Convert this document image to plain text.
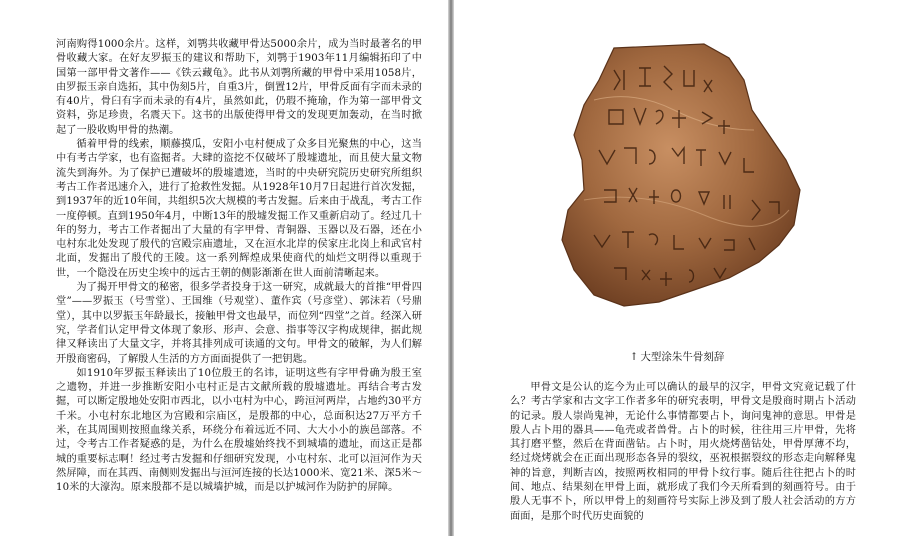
河南购得1000余片。这样，刘鹗共收藏甲骨达5000余片，成为当时最著名的甲骨收藏大家。在好友罗振玉的建议和帮助下，刘鹗于1903年11月编辑拓印了中国第一部甲骨文著作——《铁云藏龟》。此书从刘鹗所藏的甲骨中采用1058片，由罗振玉亲自选拓，其中伪刻5片，自重3片，倒置12片，甲骨反面有字而未录的有40片，骨臼有字而未录的有4片，虽然如此，仍瑕不掩瑜，作为第一部甲骨文资料，弥足珍贵，名震天下。这书的出版使得甲骨文的发现更加轰动，在当时掀起了一股收购甲骨的热潮。

循着甲骨的线索，顺藤摸瓜，安阳小屯村便成了众多目光聚焦的中心，这当中有考古学家，也有盗掘者。大肆的盗挖不仅破坏了殷墟遗址，而且使大量文物流失到海外。为了保护已遭破坏的殷墟遗迹，当时的中央研究院历史研究所组织考古工作者迅速介入，进行了抢救性发掘。从1928年10月7日起进行首次发掘，到1937年的近10年间，共组织5次大规模的考古发掘。后来由于战乱，考古工作一度停顿。直到1950年4月，中断13年的殷墟发掘工作又重新启动了。经过几十年的努力，考古工作者掘出了大量的有字甲骨、青铜器、玉器以及石器，还在小屯村东北处发现了殷代的宫殿宗庙遗址，又在洹水北岸的侯家庄北岗上和武官村北面，发掘出了殷代的王陵。这一系列辉煌成果使商代的灿烂文明得以重现于世，一个隐没在历史尘埃中的远古王朝的侧影渐渐在世人面前清晰起来。

为了揭开甲骨文的秘密，很多学者投身于这一研究，成就最大的首推“甲骨四堂”——罗振玉（号雪堂）、王国维（号观堂）、董作宾（号彦堂）、郭沫若（号鼎堂），其中以罗振玉年龄最长，接触甲骨文也最早，而位列“四堂”之首。经深入研究，学者们认定甲骨文体现了象形、形声、会意、指事等汉字构成规律，据此规律又释读出了大量文字，并将其排列成可读通的文句。甲骨文的破解，为人们解开殷商密码，了解殷人生活的方方面面提供了一把钥匙。

如1910年罗振玉释读出了10位殷王的名讳，证明这些有字甲骨确为殷王室之遗物，并进一步推断安阳小屯村正是古文献所载的殷墟遗址。再结合考古发掘，可以断定殷地处安阳市西北，以小屯村为中心，跨洹河两岸，占地约30平方千米。小屯村东北地区为宫殿和宗庙区，是殷都的中心，总面积达27万平方千米，在其周围则按照血缘关系，环绕分布着远近不同、大大小小的族邑部落。不过，令考古工作者疑惑的是，为什么在殷墟始终找不到城墙的遗址，而这正是都城的重要标志啊！经过考古发掘和仔细研究发现，小屯村东、北可以洹河作为天然屏障，而在其西、南侧则发掘出与洹河连接的长达1000米、宽21米、深5米～10米的大濠沟。原来殷都不是以城墙护城，而是以护城河作为防护的屏障。

↑ 大型涂朱牛骨刻辞

甲骨文是公认的迄今为止可以确认的最早的汉字，甲骨文究竟记载了什么？考古学家和古文字工作者多年的研究表明，甲骨文是殷商时期占卜活动的记录。殷人崇尚鬼神，无论什么事情都要占卜，询问鬼神的意思。甲骨是殷人占卜用的器具——龟壳或者兽骨。占卜的时候，往往用三片甲骨，先将其打磨平整，然后在背面凿钻。占卜时，用火烧烤凿钻处，甲骨厚薄不均，经过烧烤就会在正面出现形态各异的裂纹，巫祝根据裂纹的形态走向解释鬼神的旨意，判断吉凶，按照两枚相同的甲骨卜纹行事。随后往往把占卜的时间、地点、结果刻在甲骨上面，就形成了我们今天所看到的刻画符号。由于殷人无事不卜，所以甲骨上的刻画符号实际上涉及到了殷人社会活动的方方面面，是那个时代历史面貌的
